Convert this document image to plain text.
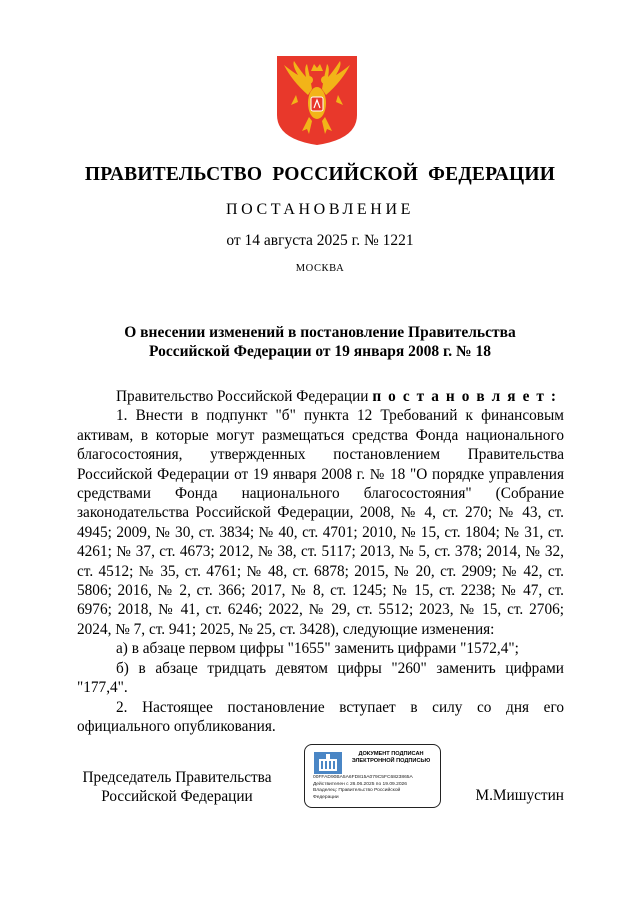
ПРАВИТЕЛЬСТВО РОССИЙСКОЙ ФЕДЕРАЦИИ
ПОСТАНОВЛЕНИЕ
от 14 августа 2025 г. № 1221
МОСКВА
О внесении изменений в постановление Правительства
Российской Федерации от 19 января 2008 г. № 18

Правительство Российской Федерации п о с т а н о в л я е т :

1. Внести в подпункт "б" пункта 12 Требований к финансовым активам, в которые могут размещаться средства Фонда национального благосостояния, утвержденных постановлением Правительства Российской Федерации от 19 января 2008 г. № 18 "О порядке управления средствами Фонда национального благосостояния" (Собрание законодательства Российской Федерации, 2008, № 4, ст. 270; № 43, ст. 4945; 2009, № 30, ст. 3834; № 40, ст. 4701; 2010, № 15, ст. 1804; № 31, ст. 4261; № 37, ст. 4673; 2012, № 38, ст. 5117; 2013, № 5, ст. 378; 2014, № 32, ст. 4512; № 35, ст. 4761; № 48, ст. 6878; 2015, № 20, ст. 2909; № 42, ст. 5806; 2016, № 2, ст. 366; 2017, № 8, ст. 1245; № 15, ст. 2238; № 47, ст. 6976; 2018, № 41, ст. 6246; 2022, № 29, ст. 5512; 2023, № 15, ст. 2706; 2024, № 7, ст. 941; 2025, № 25, ст. 3428), следующие изменения:

а) в абзаце первом цифры "1655" заменить цифрами "1572,4";

б) в абзаце тридцать девятом цифры "260" заменить цифрами "177,4".

2. Настоящее постановление вступает в силу со дня его официального опубликования.

Председатель Правительства
Российской Федерации
ДОКУМЕНТ ПОДПИСАН
ЭЛЕКТРОННОЙ ПОДПИСЬЮ
00FFAD90BA5A6FD815A079C5FC6823865A
Действителен с 26.06.2025 по 19.09.2026
Владелец: Правительство Российской
Федерации	М.Мишустин
